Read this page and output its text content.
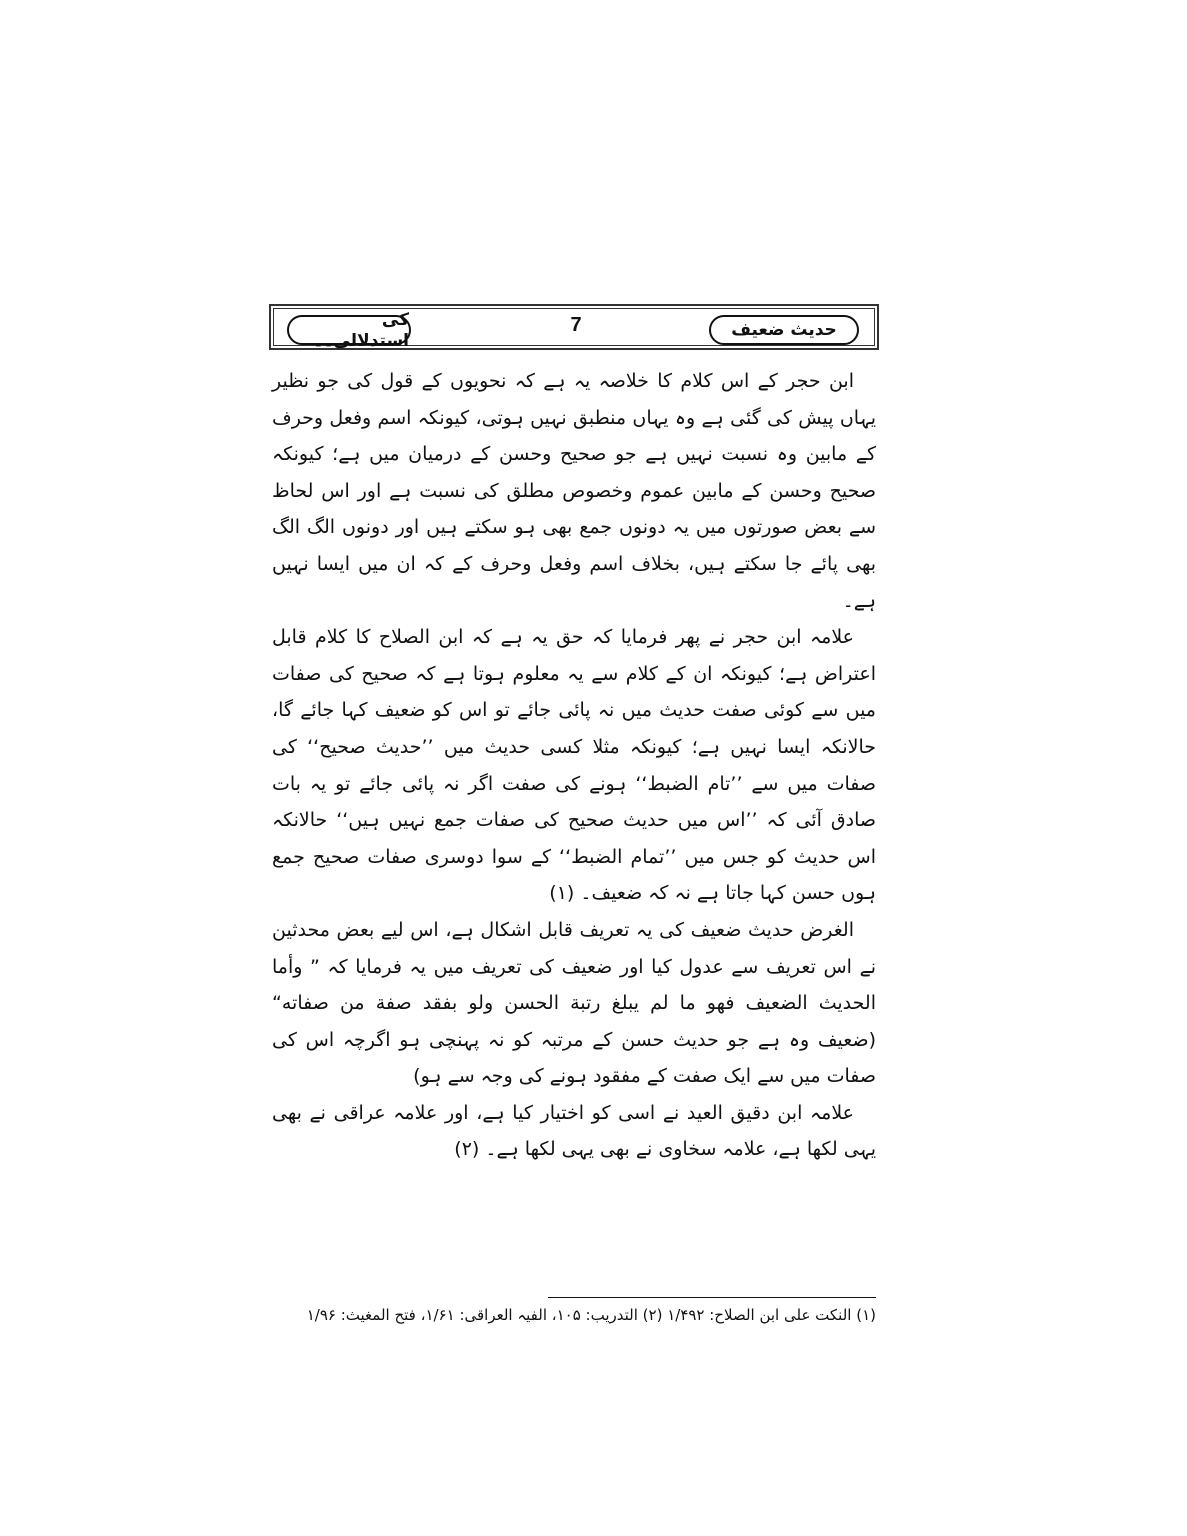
حدیث ضعیف
7
کی استدلالی۔۔

ابن حجر کے اس کلام کا خلاصہ یہ ہے کہ نحویوں کے قول کی جو نظیر یہاں پیش کی گئی ہے وہ یہاں منطبق نہیں ہوتی، کیونکہ اسم وفعل وحرف کے مابین وہ نسبت نہیں ہے جو صحیح وحسن کے درمیان میں ہے؛ کیونکہ صحیح وحسن کے مابین عموم وخصوص مطلق کی نسبت ہے اور اس لحاظ سے بعض صورتوں میں یہ دونوں جمع بھی ہو سکتے ہیں اور دونوں الگ الگ بھی پائے جا سکتے ہیں، بخلاف اسم وفعل وحرف کے کہ ان میں ایسا نہیں ہے۔

علامہ ابن حجر نے پھر فرمایا کہ حق یہ ہے کہ ابن الصلاح کا کلام قابل اعتراض ہے؛ کیونکہ ان کے کلام سے یہ معلوم ہوتا ہے کہ صحیح کی صفات میں سے کوئی صفت حدیث میں نہ پائی جائے تو اس کو ضعیف کہا جائے گا، حالانکہ ایسا نہیں ہے؛ کیونکہ مثلا کسی حدیث میں ’’حدیث صحیح‘‘ کی صفات میں سے ’’تام الضبط‘‘ ہونے کی صفت اگر نہ پائی جائے تو یہ بات صادق آئی کہ ’’اس میں حدیث صحیح کی صفات جمع نہیں ہیں‘‘ حالانکہ اس حدیث کو جس میں ’’تمام الضبط‘‘ کے سوا دوسری صفات صحیح جمع ہوں حسن کہا جاتا ہے نہ کہ ضعیف۔ (۱)

الغرض حدیث ضعیف کی یہ تعریف قابل اشکال ہے، اس لیے بعض محدثین نے اس تعریف سے عدول کیا اور ضعیف کی تعریف میں یہ فرمایا کہ ” وأما الحديث الضعيف فهو ما لم يبلغ رتبة الحسن ولو بفقد صفة من صفاته“ (ضعیف وہ ہے جو حدیث حسن کے مرتبہ کو نہ پہنچی ہو اگرچہ اس کی صفات میں سے ایک صفت کے مفقود ہونے کی وجہ سے ہو)

علامہ ابن دقیق العید نے اسی کو اختیار کیا ہے، اور علامہ عراقی نے بھی یہی لکھا ہے، علامہ سخاوی نے بھی یہی لکھا ہے۔ (۲)

(۱) النکت علی ابن الصلاح: ۱/۴۹۲ (۲) التدریب: ۱۰۵، الفیہ العراقی: ۱/۶۱، فتح المغیث: ۱/۹۶
